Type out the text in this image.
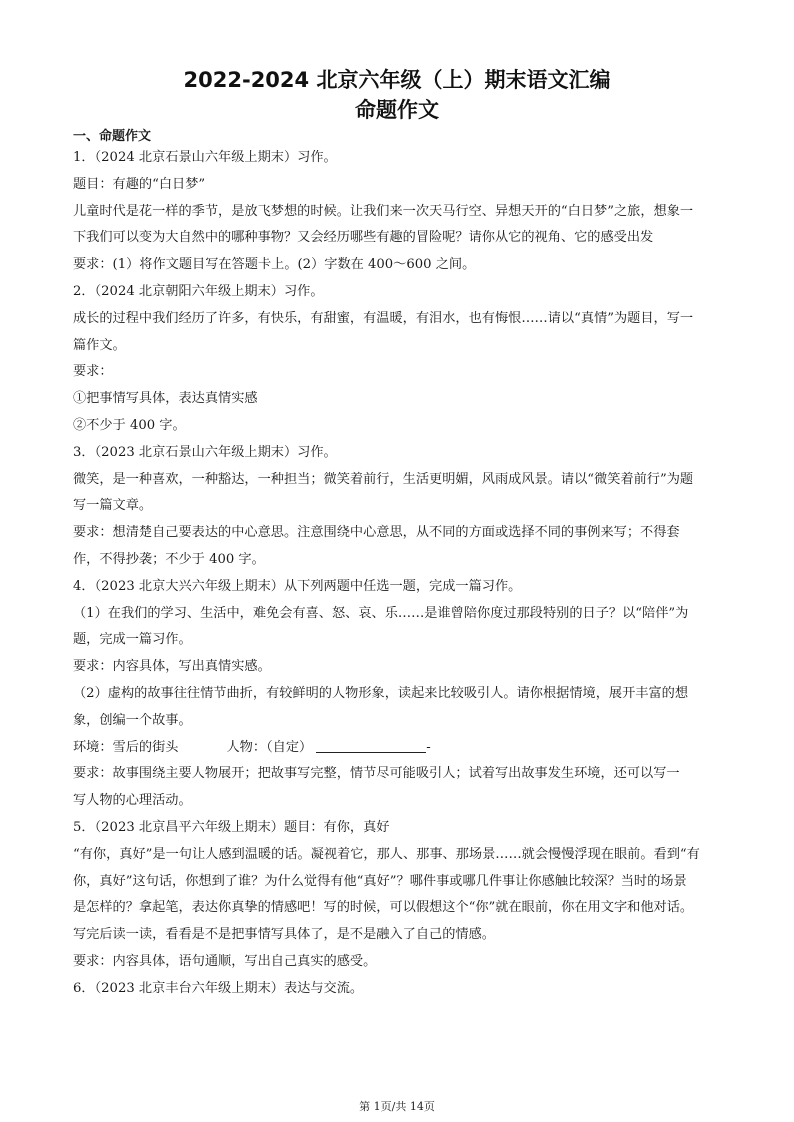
2022-2024 北京六年级（上）期末语文汇编
命题作文
一、命题作文
1．（2024 北京石景山六年级上期末）习作。
题目：有趣的“白日梦”
儿童时代是花一样的季节，是放飞梦想的时候。让我们来一次天马行空、异想天开的“白日梦”之旅，想象一
下我们可以变为大自然中的哪种事物？又会经历哪些有趣的冒险呢？请你从它的视角、它的感受出发
要求：(1）将作文题目写在答题卡上。(2）字数在 400～600 之间。
2．（2024 北京朝阳六年级上期末）习作。
成长的过程中我们经历了许多，有快乐，有甜蜜，有温暖，有泪水，也有悔恨……请以“真情”为题目，写一
篇作文。
要求：
①把事情写具体，表达真情实感
②不少于 400 字。
3．（2023 北京石景山六年级上期末）习作。
微笑，是一种喜欢，一种豁达，一种担当；微笑着前行，生活更明媚，风雨成风景。请以“微笑着前行”为题
写一篇文章。
要求：想清楚自己要表达的中心意思。注意围绕中心意思，从不同的方面或选择不同的事例来写；不得套
作，不得抄袭；不少于 400 字。
4．（2023 北京大兴六年级上期末）从下列两题中任选一题，完成一篇习作。
（1）在我们的学习、生活中，难免会有喜、怒、哀、乐……是谁曾陪你度过那段特别的日子？以“陪伴”为
题，完成一篇习作。
要求：内容具体，写出真情实感。
（2）虚构的故事往往情节曲折，有较鲜明的人物形象，读起来比较吸引人。请你根据情境，展开丰富的想
象，创编一个故事。
环境：雪后的街头	人物：（自定）	-
要求：故事围绕主要人物展开；把故事写完整，情节尽可能吸引人；试着写出故事发生环境，还可以写一
写人物的心理活动。
5．（2023 北京昌平六年级上期末）题目：有你，真好
“有你，真好”是一句让人感到温暖的话。凝视着它，那人、那事、那场景……就会慢慢浮现在眼前。看到“有
你，真好”这句话，你想到了谁？为什么觉得有他“真好”？哪件事或哪几件事让你感触比较深？当时的场景
是怎样的？拿起笔，表达你真挚的情感吧！写的时候，可以假想这个“你”就在眼前，你在用文字和他对话。
写完后读一读，看看是不是把事情写具体了，是不是融入了自己的情感。
要求：内容具体，语句通顺，写出自己真实的感受。
6．（2023 北京丰台六年级上期末）表达与交流。
第 1页/共 14页
